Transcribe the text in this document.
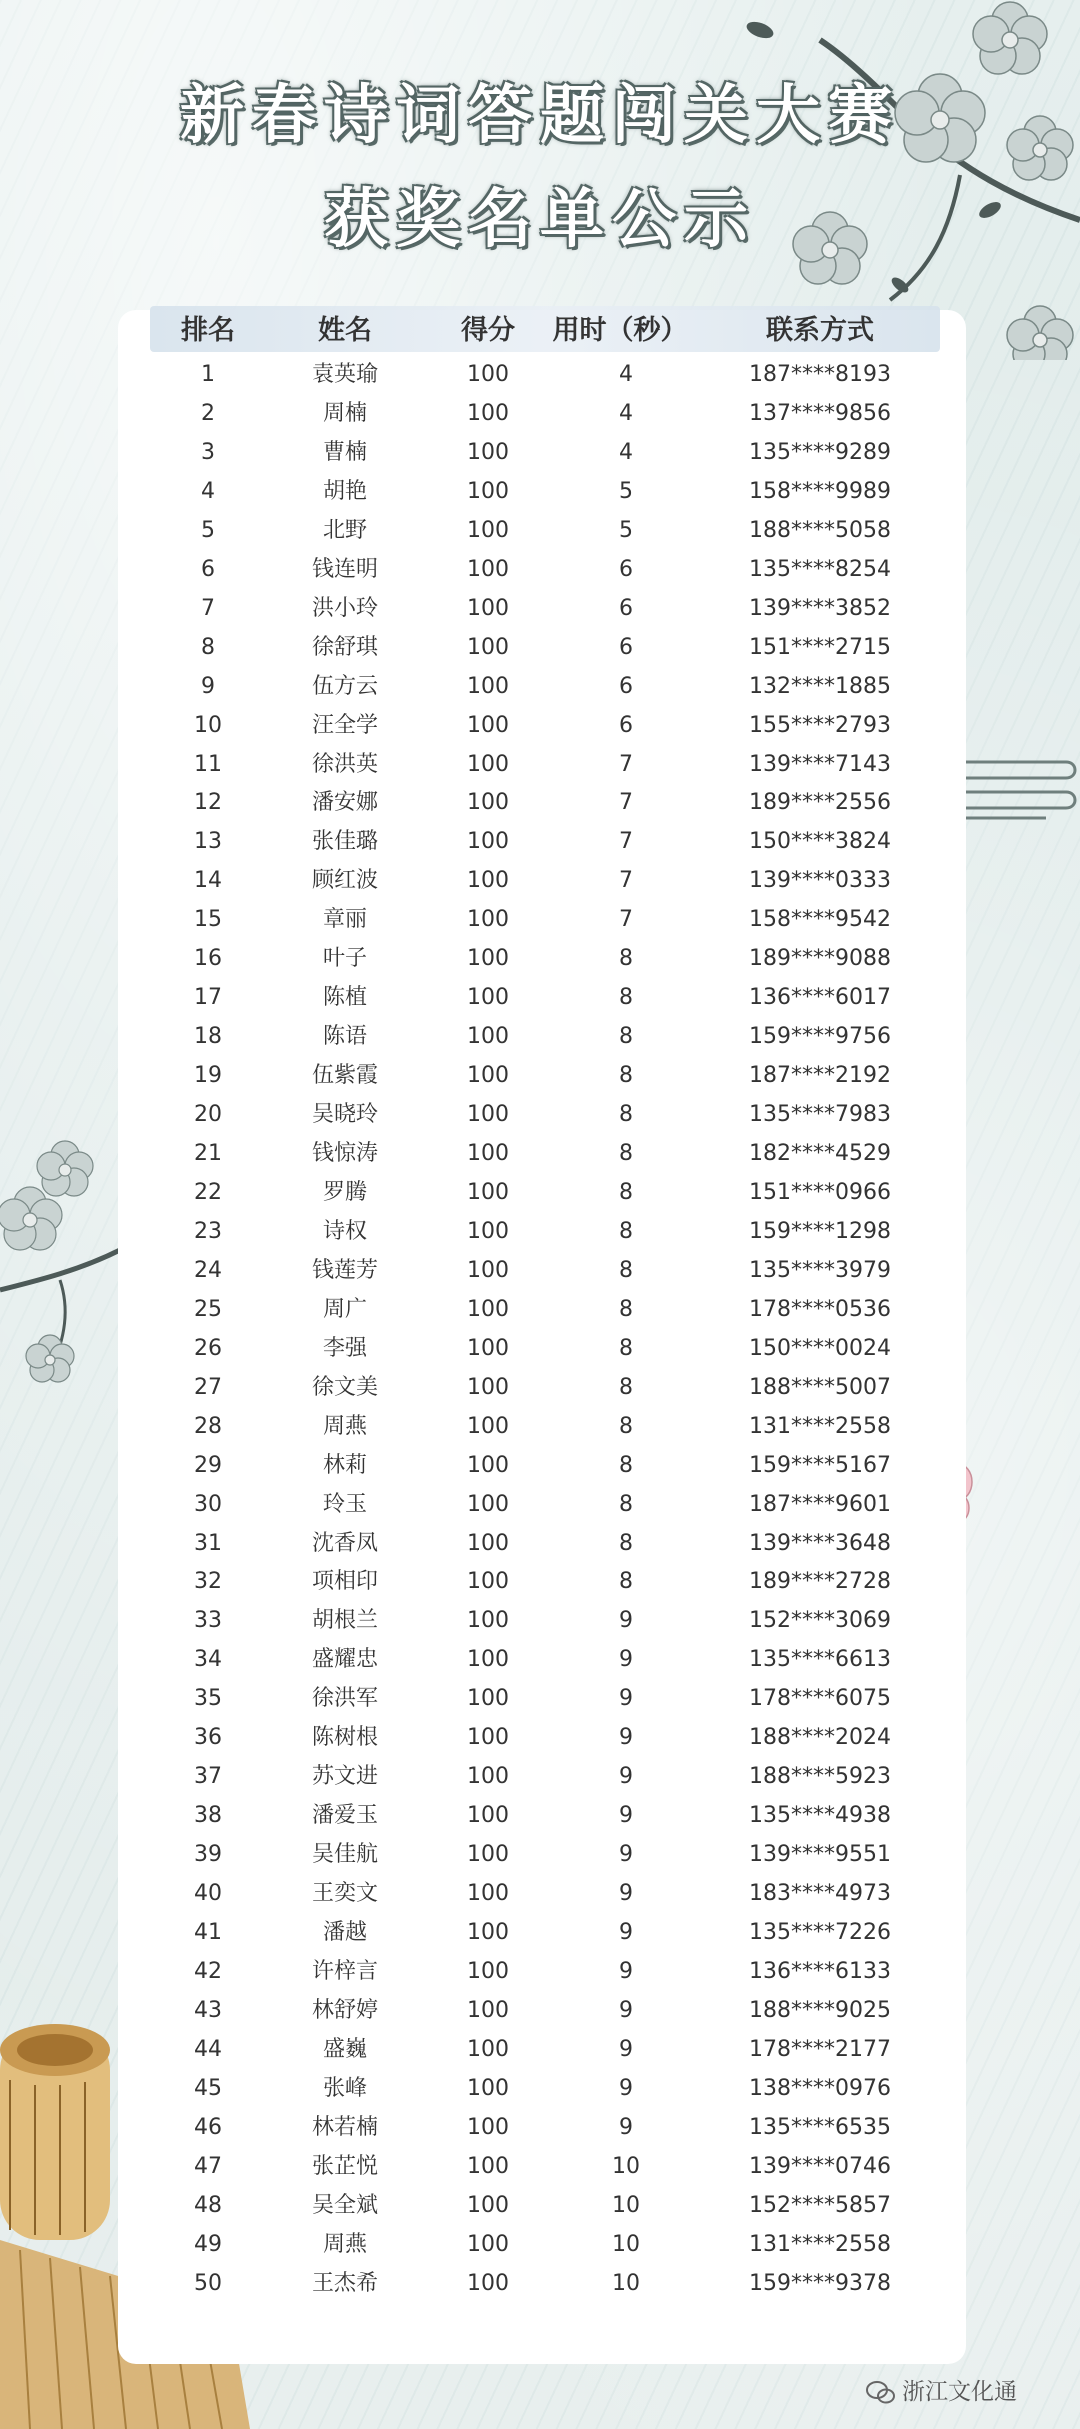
新春诗词答题闯关大赛
获奖名单公示
排名	姓名	得分	用时（秒）	联系方式
1	袁英瑜	100	4	187****8193
2	周楠	100	4	137****9856
3	曹楠	100	4	135****9289
4	胡艳	100	5	158****9989
5	北野	100	5	188****5058
6	钱连明	100	6	135****8254
7	洪小玲	100	6	139****3852
8	徐舒琪	100	6	151****2715
9	伍方云	100	6	132****1885
10	汪全学	100	6	155****2793
11	徐洪英	100	7	139****7143
12	潘安娜	100	7	189****2556
13	张佳璐	100	7	150****3824
14	顾红波	100	7	139****0333
15	章丽	100	7	158****9542
16	叶子	100	8	189****9088
17	陈植	100	8	136****6017
18	陈语	100	8	159****9756
19	伍紫霞	100	8	187****2192
20	吴晓玲	100	8	135****7983
21	钱惊涛	100	8	182****4529
22	罗腾	100	8	151****0966
23	诗权	100	8	159****1298
24	钱莲芳	100	8	135****3979
25	周广	100	8	178****0536
26	李强	100	8	150****0024
27	徐文美	100	8	188****5007
28	周燕	100	8	131****2558
29	林莉	100	8	159****5167
30	玲玉	100	8	187****9601
31	沈香凤	100	8	139****3648
32	项相印	100	8	189****2728
33	胡根兰	100	9	152****3069
34	盛耀忠	100	9	135****6613
35	徐洪军	100	9	178****6075
36	陈树根	100	9	188****2024
37	苏文进	100	9	188****5923
38	潘爱玉	100	9	135****4938
39	吴佳航	100	9	139****9551
40	王奕文	100	9	183****4973
41	潘越	100	9	135****7226
42	许梓言	100	9	136****6133
43	林舒婷	100	9	188****9025
44	盛巍	100	9	178****2177
45	张峰	100	9	138****0976
46	林若楠	100	9	135****6535
47	张芷悦	100	10	139****0746
48	吴全斌	100	10	152****5857
49	周燕	100	10	131****2558
50	王杰希	100	10	159****9378
浙江文化通
